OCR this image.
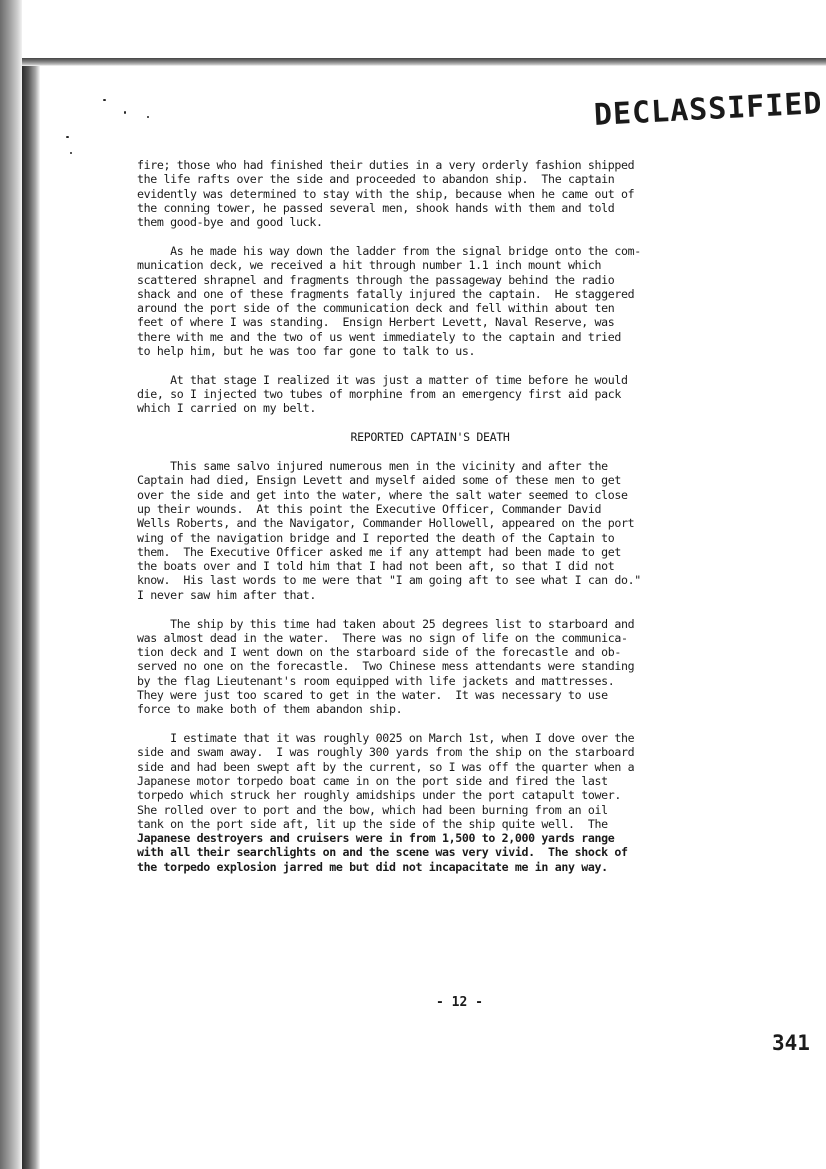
DECLASSIFIED
fire; those who had finished their duties in a very orderly fashion shipped
the life rafts over the side and proceeded to abandon ship.  The captain
evidently was determined to stay with the ship, because when he came out of
the conning tower, he passed several men, shook hands with them and told
them good-bye and good luck.
As he made his way down the ladder from the signal bridge onto the com-
munication deck, we received a hit through number 1.1 inch mount which
scattered shrapnel and fragments through the passageway behind the radio
shack and one of these fragments fatally injured the captain.  He staggered
around the port side of the communication deck and fell within about ten
feet of where I was standing.  Ensign Herbert Levett, Naval Reserve, was
there with me and the two of us went immediately to the captain and tried
to help him, but he was too far gone to talk to us.
At that stage I realized it was just a matter of time before he would
die, so I injected two tubes of morphine from an emergency first aid pack
which I carried on my belt.
REPORTED CAPTAIN'S DEATH
This same salvo injured numerous men in the vicinity and after the
Captain had died, Ensign Levett and myself aided some of these men to get
over the side and get into the water, where the salt water seemed to close
up their wounds.  At this point the Executive Officer, Commander David
Wells Roberts, and the Navigator, Commander Hollowell, appeared on the port
wing of the navigation bridge and I reported the death of the Captain to
them.  The Executive Officer asked me if any attempt had been made to get
the boats over and I told him that I had not been aft, so that I did not
know.  His last words to me were that "I am going aft to see what I can do."
I never saw him after that.
The ship by this time had taken about 25 degrees list to starboard and
was almost dead in the water.  There was no sign of life on the communica-
tion deck and I went down on the starboard side of the forecastle and ob-
served no one on the forecastle.  Two Chinese mess attendants were standing
by the flag Lieutenant's room equipped with life jackets and mattresses.
They were just too scared to get in the water.  It was necessary to use
force to make both of them abandon ship.
I estimate that it was roughly 0025 on March 1st, when I dove over the
side and swam away.  I was roughly 300 yards from the ship on the starboard
side and had been swept aft by the current, so I was off the quarter when a
Japanese motor torpedo boat came in on the port side and fired the last
torpedo which struck her roughly amidships under the port catapult tower.
She rolled over to port and the bow, which had been burning from an oil
tank on the port side aft, lit up the side of the ship quite well.  The
Japanese destroyers and cruisers were in from 1,500 to 2,000 yards range
with all their searchlights on and the scene was very vivid.  The shock of
the torpedo explosion jarred me but did not incapacitate me in any way.
- 12 -
341
